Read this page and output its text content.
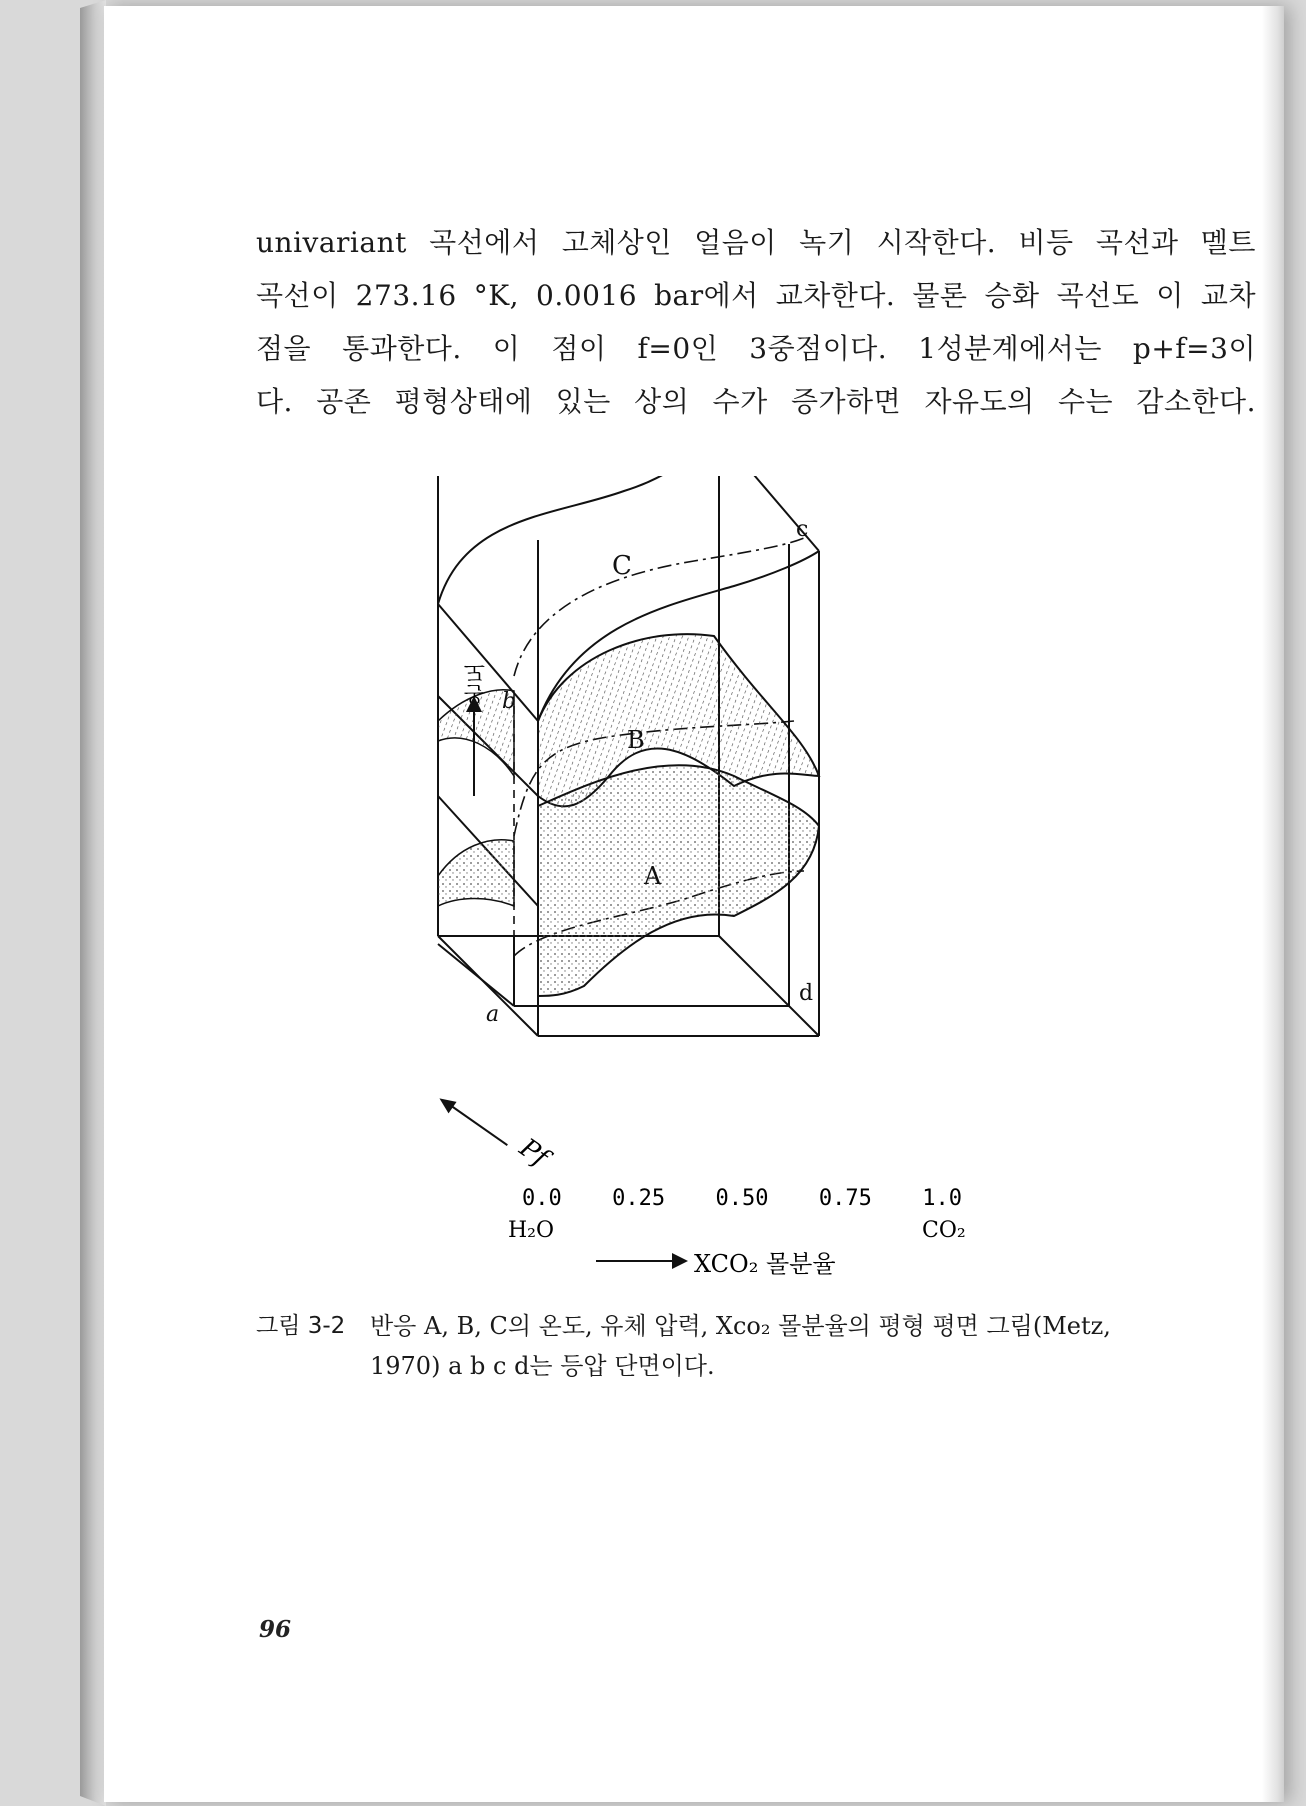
univariant 곡선에서 고체상인 얼음이 녹기 시작한다. 비등 곡선과 멜트
곡선이 273.16 °K, 0.0016 bar에서 교차한다. 물론 승화 곡선도 이 교차
점을 통과한다. 이 점이 f=0인 3중점이다. 1성분계에서는 p+f=3이
다. 공존 평형상태에 있는 상의 수가 증가하면 자유도의 수는 감소한다.
C
B
A
b
c
d
a
온도
Pf
0.0 0.25 0.50 0.75 1.0
H₂O	CO₂
XCO₂ 몰분율
그림 3-2	반응 A, B, C의 온도, 유체 압력, Xco₂ 몰분율의 평형 평면 그림(Metz,
1970) a b c d는 등압 단면이다.
96
